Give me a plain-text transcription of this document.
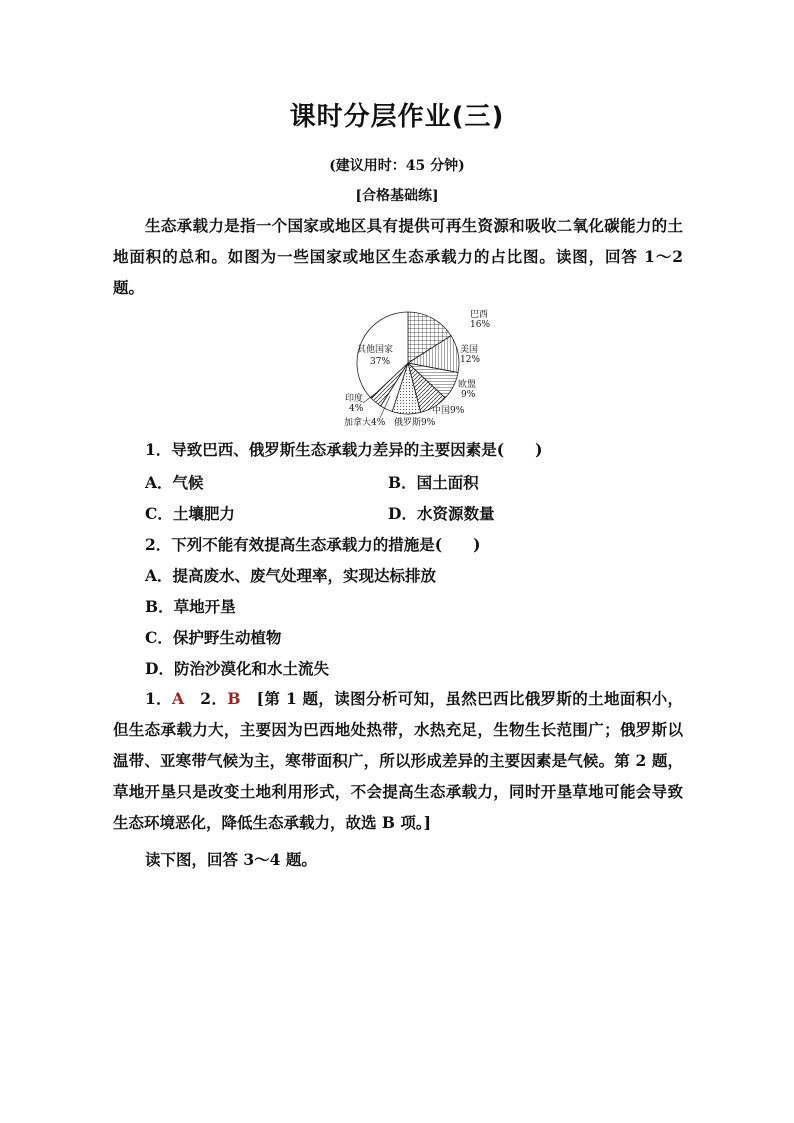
课时分层作业(三)
(建议用时：45 分钟)
[合格基础练]
生态承载力是指一个国家或地区具有提供可再生资源和吸收二氧化碳能力的土地面积的总和。如图为一些国家或地区生态承载力的占比图。读图，回答 1～2 题。
巴西
16%
美国
12%
欧盟
9%
中国9%
俄罗斯9%
加拿大4%
印度
4%
其他国家
37%
1．导致巴西、俄罗斯生态承载力差异的主要因素是(　　)
A．气候	B．国土面积
C．土壤肥力	D．水资源数量
2．下列不能有效提高生态承载力的措施是(　　)
A．提高废水、废气处理率，实现达标排放
B．草地开垦
C．保护野生动植物
D．防治沙漠化和水土流失
1．A　2．B　[第 1 题，读图分析可知，虽然巴西比俄罗斯的土地面积小，但生态承载力大，主要因为巴西地处热带，水热充足，生物生长范围广；俄罗斯以温带、亚寒带气候为主，寒带面积广，所以形成差异的主要因素是气候。第 2 题，草地开垦只是改变土地利用形式，不会提高生态承载力，同时开垦草地可能会导致生态环境恶化，降低生态承载力，故选 B 项。]
读下图，回答 3～4 题。
